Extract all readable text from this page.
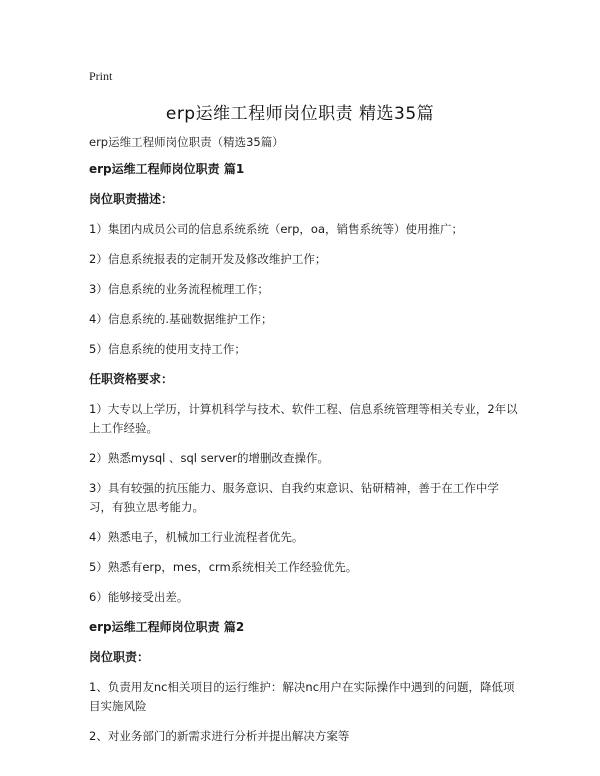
Print
erp运维工程师岗位职责 精选35篇

erp运维工程师岗位职责（精选35篇）

erp运维工程师岗位职责 篇1

岗位职责描述：

1）集团内成员公司的信息系统系统（erp，oa，销售系统等）使用推广；

2）信息系统报表的定制开发及修改维护工作；

3）信息系统的业务流程梳理工作；

4）信息系统的.基础数据维护工作；

5）信息系统的使用支持工作；

任职资格要求：

1）大专以上学历，计算机科学与技术、软件工程、信息系统管理等相关专业，2年以上工作经验。

2）熟悉mysql 、sql server的增删改查操作。

3）具有较强的抗压能力、服务意识、自我约束意识、钻研精神，善于在工作中学习，有独立思考能力。

4）熟悉电子，机械加工行业流程者优先。

5）熟悉有erp，mes，crm系统相关工作经验优先。

6）能够接受出差。

erp运维工程师岗位职责 篇2

岗位职责：

1、负责用友nc相关项目的运行维护：解决nc用户在实际操作中遇到的问题，降低项目实施风险

2、对业务部门的新需求进行分析并提出解决方案等
